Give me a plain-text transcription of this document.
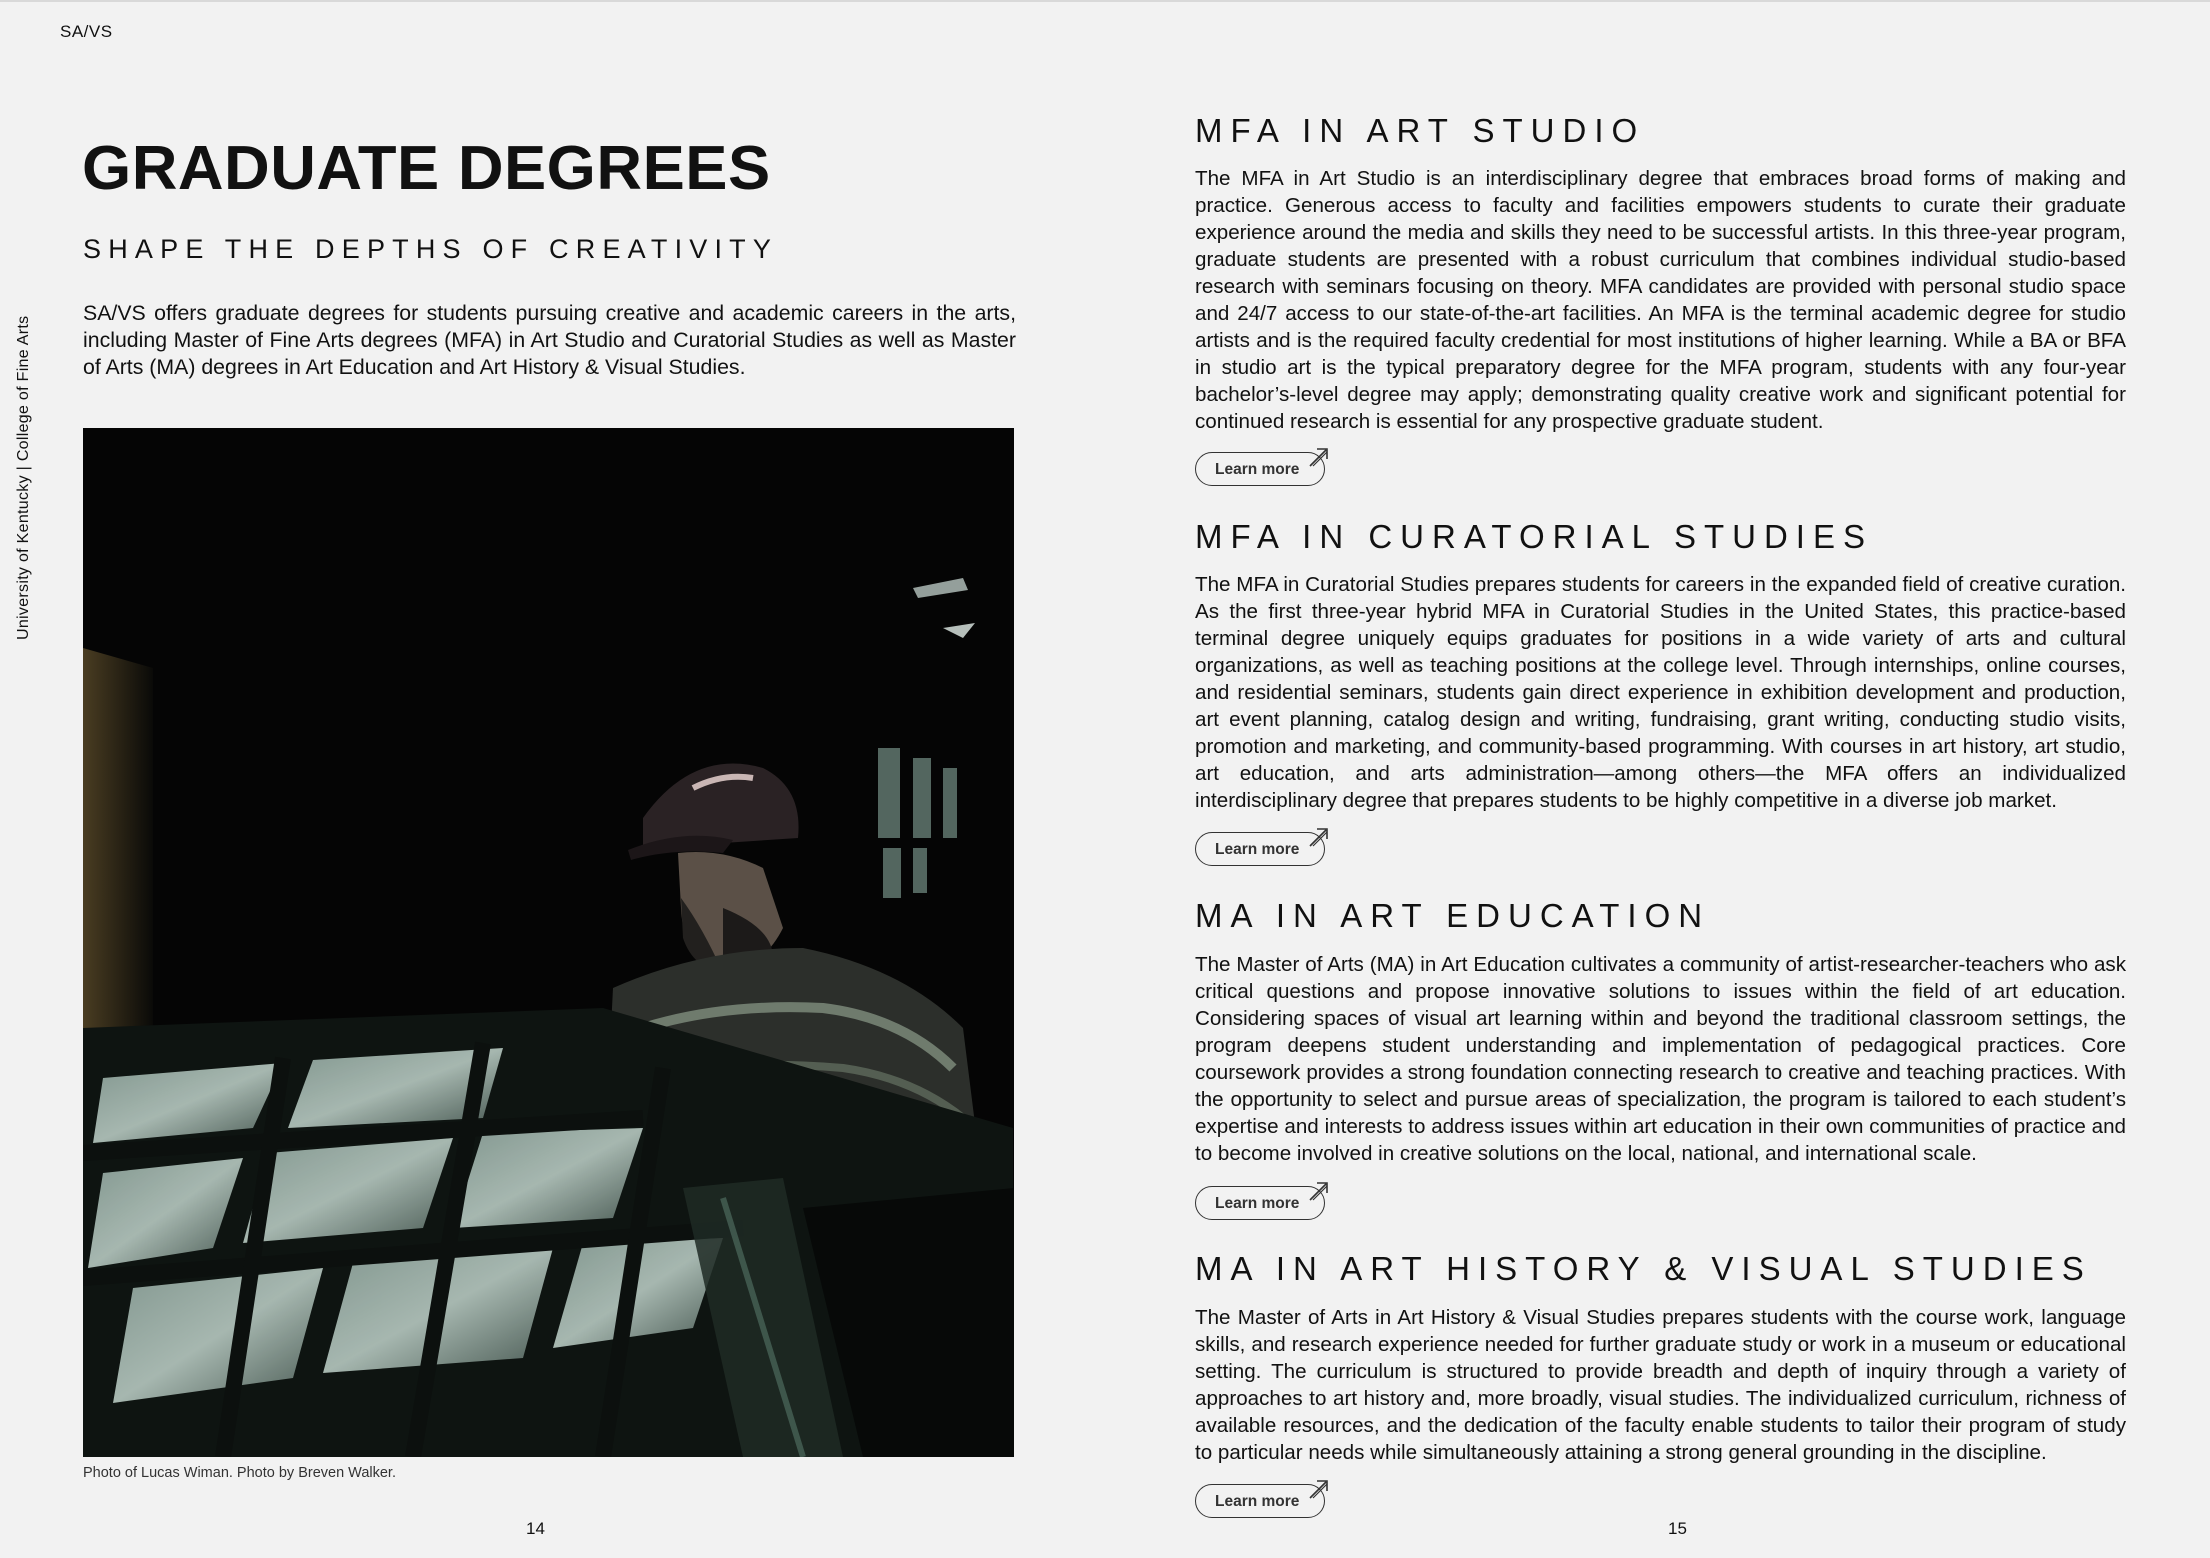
SA/VS
University of Kentucky | College of Fine Arts
GRADUATE DEGREES
SHAPE THE DEPTHS OF CREATIVITY

SA/VS offers graduate degrees for students pursuing creative and academic careers in the arts, including Master of Fine Arts degrees (MFA) in Art Studio and Curatorial Studies as well as Master of Arts (MA) degrees in Art Education and Art History & Visual Studies.

Photo of Lucas Wiman. Photo by Breven Walker.
14	15
MFA IN ART STUDIO

The MFA in Art Studio is an interdisciplinary degree that embraces broad forms of making and practice. Generous access to faculty and facilities empowers students to curate their graduate experience around the media and skills they need to be successful artists. In this three-year program, graduate students are presented with a robust curriculum that combines individual studio-based research with seminars focusing on theory. MFA candidates are provided with personal studio space and 24/7 access to our state-of-the-art facilities. An MFA is the terminal academic degree for studio artists and is the required faculty credential for most institutions of higher learning. While a BA or BFA in studio art is the typical preparatory degree for the MFA program, students with any four-year bachelor’s-level degree may apply; demonstrating quality creative work and significant potential for continued research is essential for any prospective graduate student.

Learn more
MFA IN CURATORIAL STUDIES

The MFA in Curatorial Studies prepares students for careers in the expanded field of creative curation. As the first three-year hybrid MFA in Curatorial Studies in the United States, this practice-based terminal degree uniquely equips graduates for positions in a wide variety of arts and cultural organizations, as well as teaching positions at the college level. Through internships, online courses, and residential seminars, students gain direct experience in exhibition development and production, art event planning, catalog design and writing, fundraising, grant writing, conducting studio visits, promotion and marketing, and community-based programming. With courses in art history, art studio, art education, and arts administration—among others—the MFA offers an individualized interdisciplinary degree that prepares students to be highly competitive in a diverse job market.

Learn more
MA IN ART EDUCATION

The Master of Arts (MA) in Art Education cultivates a community of artist-researcher-teachers who ask critical questions and propose innovative solutions to issues within the field of art education. Considering spaces of visual art learning within and beyond the traditional classroom settings, the program deepens student understanding and implementation of pedagogical practices. Core coursework provides a strong foundation connecting research to creative and teaching practices. With the opportunity to select and pursue areas of specialization, the program is tailored to each student’s expertise and interests to address issues within art education in their own communities of practice and to become involved in creative solutions on the local, national, and international scale.

Learn more
MA IN ART HISTORY & VISUAL STUDIES

The Master of Arts in Art History & Visual Studies prepares students with the course work, language skills, and research experience needed for further graduate study or work in a museum or educational setting. The curriculum is structured to provide breadth and depth of inquiry through a variety of approaches to art history and, more broadly, visual studies. The individualized curriculum, richness of available resources, and the dedication of the faculty enable students to tailor their program of study to particular needs while simultaneously attaining a strong general grounding in the discipline.

Learn more
